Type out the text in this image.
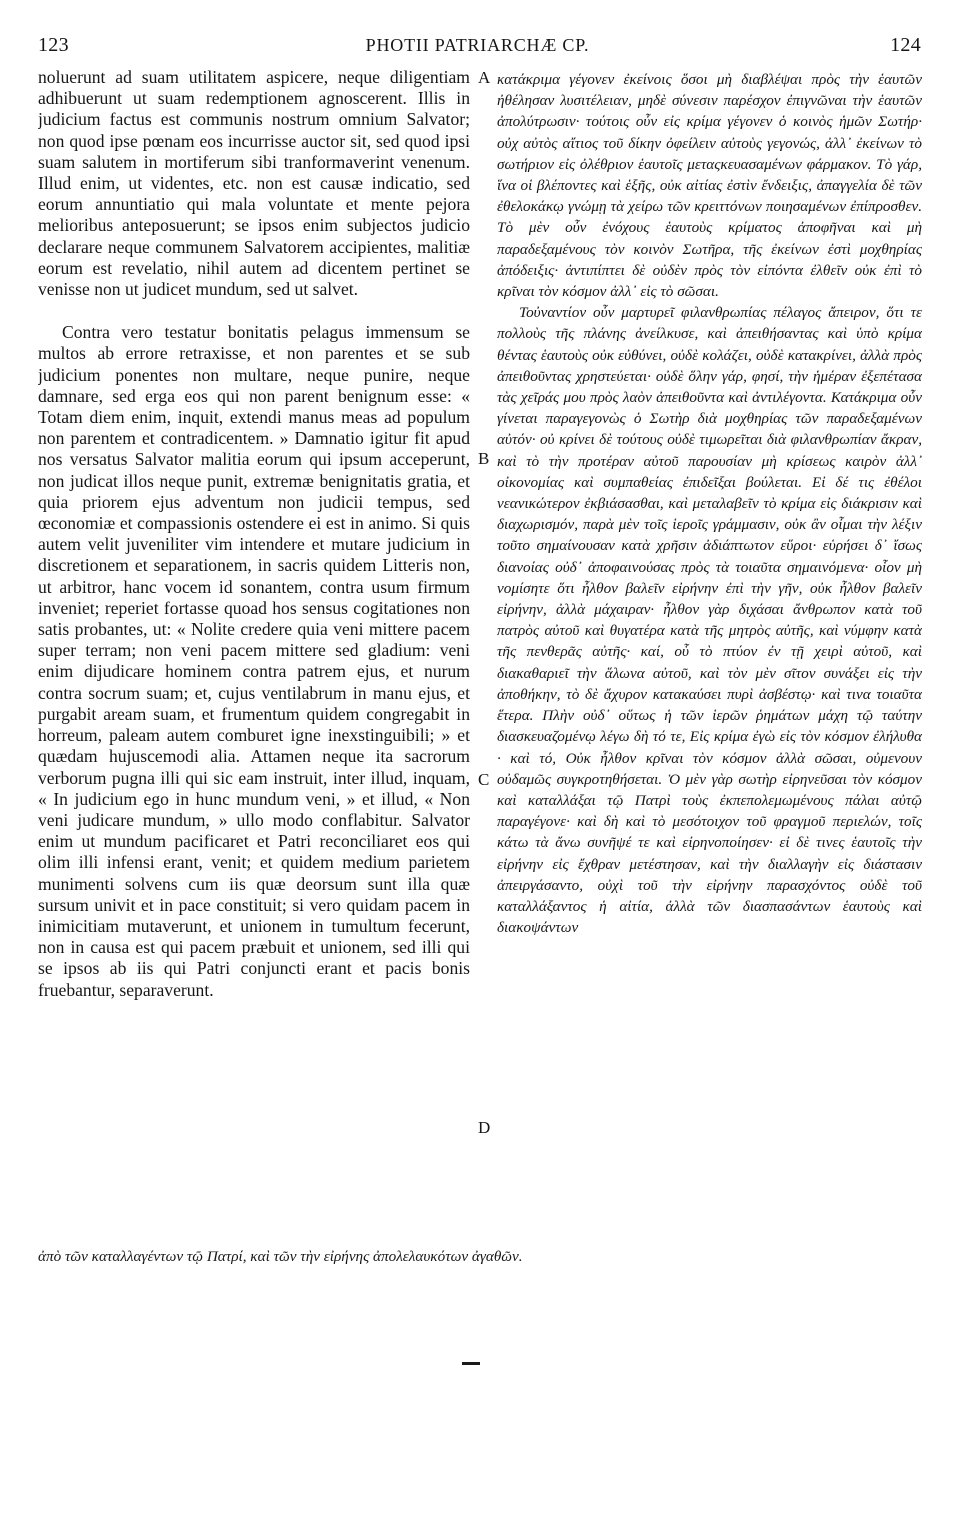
123	PHOTII PATRIARCHÆ CP.	124

noluerunt ad suam utilitatem aspicere, neque diligentiam adhibuerunt ut suam redemptionem agnoscerent. Illis in judicium factus est communis nostrum omnium Salvator; non quod ipse pœnam eos incurrisse auctor sit, sed quod ipsi suam salutem in mortiferum sibi tranformaverint venenum. Illud enim, ut videntes, etc. non est causæ indicatio, sed eorum annuntiatio qui mala voluntate et mente pejora melioribus anteposuerunt; se ipsos enim subjectos judicio declarare neque communem Salvatorem accipientes, malitiæ eorum est revelatio, nihil autem ad dicentem pertinet se venisse non ut judicet mundum, sed ut salvet.

Contra vero testatur bonitatis pelagus immensum se multos ab errore retraxisse, et non parentes et se sub judicium ponentes non multare, neque punire, neque damnare, sed erga eos qui non parent benignum esse: « Totam diem enim, inquit, extendi manus meas ad populum non parentem et contradicentem. » Damnatio igitur fit apud nos versatus Salvator malitia eorum qui ipsum acceperunt, non judicat illos neque punit, extremæ benignitatis gratia, et quia priorem ejus adventum non judicii tempus, sed œconomiæ et compassionis ostendere ei est in animo. Si quis autem velit juveniliter vim intendere et mutare judicium in discretionem et separationem, in sacris quidem Litteris non, ut arbitror, hanc vocem id sonantem, contra usum firmum inveniet; reperiet fortasse quoad hos sensus cogitationes non satis probantes, ut: « Nolite credere quia veni mittere pacem super terram; non veni pacem mittere sed gladium: veni enim dijudicare hominem contra patrem ejus, et nurum contra socrum suam; et, cujus ventilabrum in manu ejus, et purgabit aream suam, et frumentum quidem congregabit in horreum, paleam autem comburet igne inexstinguibili; » et quædam hujuscemodi alia. Attamen neque ita sacrorum verborum pugna illi qui sic eam instruit, inter illud, inquam, « In judicium ego in hunc mundum veni, » et illud, « Non veni judicare mundum, » ullo modo conflabitur. Salvator enim ut mundum pacificaret et Patri reconciliaret eos qui olim illi infensi erant, venit; et quidem medium parietem munimenti solvens cum iis quæ deorsum sunt illa quæ sursum univit et in pace constituit; si vero quidam pacem in inimicitiam mutaverunt, et unionem in tumultum fecerunt, non in causa est qui pacem præbuit et unionem, sed illi qui se ipsos ab iis qui Patri conjuncti erant et pacis bonis fruebantur, separaverunt.

A
B
C
D

κατάκριμα γέγονεν ἐκείνοις ὅσοι μὴ διαβλέψαι πρὸς τὴν ἑαυτῶν ἠθέλησαν λυσιτέλειαν, μηδὲ σύνεσιν παρέσχον ἐπιγνῶναι τὴν ἑαυτῶν ἀπολύτρωσιν· τούτοις οὖν εἰς κρίμα γέγονεν ὁ κοινὸς ἡμῶν Σωτήρ· οὐχ αὐτὸς αἴτιος τοῦ δίκην ὀφείλειν αὐτοὺς γεγονώς, ἀλλ᾽ ἐκείνων τὸ σωτήριον εἰς ὀλέθριον ἑαυτοῖς μεταςκευασαμένων φάρμακον. Τὸ γάρ, ἵνα οἱ βλέποντες καὶ ἑξῆς, οὐκ αἰτίας ἐστὶν ἔνδειξις, ἀπαγγελία δὲ τῶν ἐθελοκάκῳ γνώμῃ τὰ χείρω τῶν κρειττόνων ποιησαμένων ἐπίπροσθεν. Τὸ μὲν οὖν ἐνόχους ἑαυτοὺς κρίματος ἀποφῆναι καὶ μὴ παραδεξαμένους τὸν κοινὸν Σωτῆρα, τῆς ἐκείνων ἐστὶ μοχθηρίας ἀπόδειξις· ἀντιπίπτει δὲ οὐδὲν πρὸς τὸν εἰπόντα ἐλθεῖν οὐκ ἐπὶ τὸ κρῖναι τὸν κόσμον ἀλλ᾽ εἰς τὸ σῶσαι.

Τοὐναντίον οὖν μαρτυρεῖ φιλανθρωπίας πέλαγος ἄπειρον, ὅτι τε πολλοὺς τῆς πλάνης ἀνείλκυσε, καὶ ἀπειθήσαντας καὶ ὑπὸ κρίμα θέντας ἑαυτοὺς οὐκ εὐθύνει, οὐδὲ κολάζει, οὐδὲ κατακρίνει, ἀλλὰ πρὸς ἀπειθοῦντας χρηστεύεται· οὐδὲ ὅλην γάρ, φησί, τὴν ἡμέραν ἐξεπέτασα τὰς χεῖράς μου πρὸς λαὸν ἀπειθοῦντα καὶ ἀντιλέγοντα. Κατάκριμα οὖν γίνεται παραγεγονὼς ὁ Σωτὴρ διὰ μοχθηρίας τῶν παραδεξαμένων αὐτόν· οὐ κρίνει δὲ τούτους οὐδὲ τιμωρεῖται διὰ φιλανθρωπίαν ἄκραν, καὶ τὸ τὴν προτέραν αὐτοῦ παρουσίαν μὴ κρίσεως καιρὸν ἀλλ᾽ οἰκονομίας καὶ συμπαθείας ἐπιδεῖξαι βούλεται. Εἰ δέ τις ἐθέλοι νεανικώτερον ἐκβιάσασθαι, καὶ μεταλαβεῖν τὸ κρίμα εἰς διάκρισιν καὶ διαχωρισμόν, παρὰ μὲν τοῖς ἱεροῖς γράμμασιν, οὐκ ἂν οἶμαι τὴν λέξιν τοῦτο σημαίνουσαν κατὰ χρῆσιν ἀδιάπτωτον εὕροι· εὑρήσει δ᾽ ἴσως διανοίας οὐδ᾽ ἀποφαινούσας πρὸς τὰ τοιαῦτα σημαινόμενα· οἷον μὴ νομίσητε ὅτι ἦλθον βαλεῖν εἰρήνην ἐπὶ τὴν γῆν, οὐκ ἦλθον βαλεῖν εἰρήνην, ἀλλὰ μάχαιραν· ἦλθον γὰρ διχάσαι ἄνθρωπον κατὰ τοῦ πατρὸς αὐτοῦ καὶ θυγατέρα κατὰ τῆς μητρὸς αὐτῆς, καὶ νύμφην κατὰ τῆς πενθερᾶς αὐτῆς· καί, οὗ τὸ πτύον ἐν τῇ χειρὶ αὐτοῦ, καὶ διακαθαριεῖ τὴν ἅλωνα αὐτοῦ, καὶ τὸν μὲν σῖτον συνάξει εἰς τὴν ἀποθήκην, τὸ δὲ ἄχυρον κατακαύσει πυρὶ ἀσβέστῳ· καὶ τινα τοιαῦτα ἕτερα. Πλὴν οὐδ᾽ οὕτως ἡ τῶν ἱερῶν ῥημάτων μάχη τῷ ταύτην διασκευαζομένῳ λέγω δὴ τό τε, Εἰς κρίμα ἐγὼ εἰς τὸν κόσμον ἐλήλυθα · καὶ τό, Οὐκ ἦλθον κρῖναι τὸν κόσμον ἀλλὰ σῶσαι, οὐμενουν οὐδαμῶς συγκροτηθήσεται. Ὁ μὲν γὰρ σωτὴρ εἰρηνεῦσαι τὸν κόσμον καὶ καταλλάξαι τῷ Πατρὶ τοὺς ἐκπεπολεμωμένους πάλαι αὐτῷ παραγέγονε· καὶ δὴ καὶ τὸ μεσότοιχον τοῦ φραγμοῦ περιελών, τοῖς κάτω τὰ ἄνω συνῆψέ τε καὶ εἰρηνοποίησεν· εἰ δὲ τινες ἑαυτοῖς τὴν εἰρήνην εἰς ἔχθραν μετέστησαν, καὶ τὴν διαλλαγὴν εἰς διάστασιν ἀπειργάσαντο, οὐχὶ τοῦ τὴν εἰρήνην παρασχόντος οὐδὲ τοῦ καταλλάξαντος ἡ αἰτία, ἀλλὰ τῶν διασπασάντων ἑαυτοὺς καὶ διακοψάντων

ἀπὸ τῶν καταλλαγέντων τῷ Πατρί, καὶ τῶν τὴν εἰρήνης ἀπολελαυκότων ἀγαθῶν.
